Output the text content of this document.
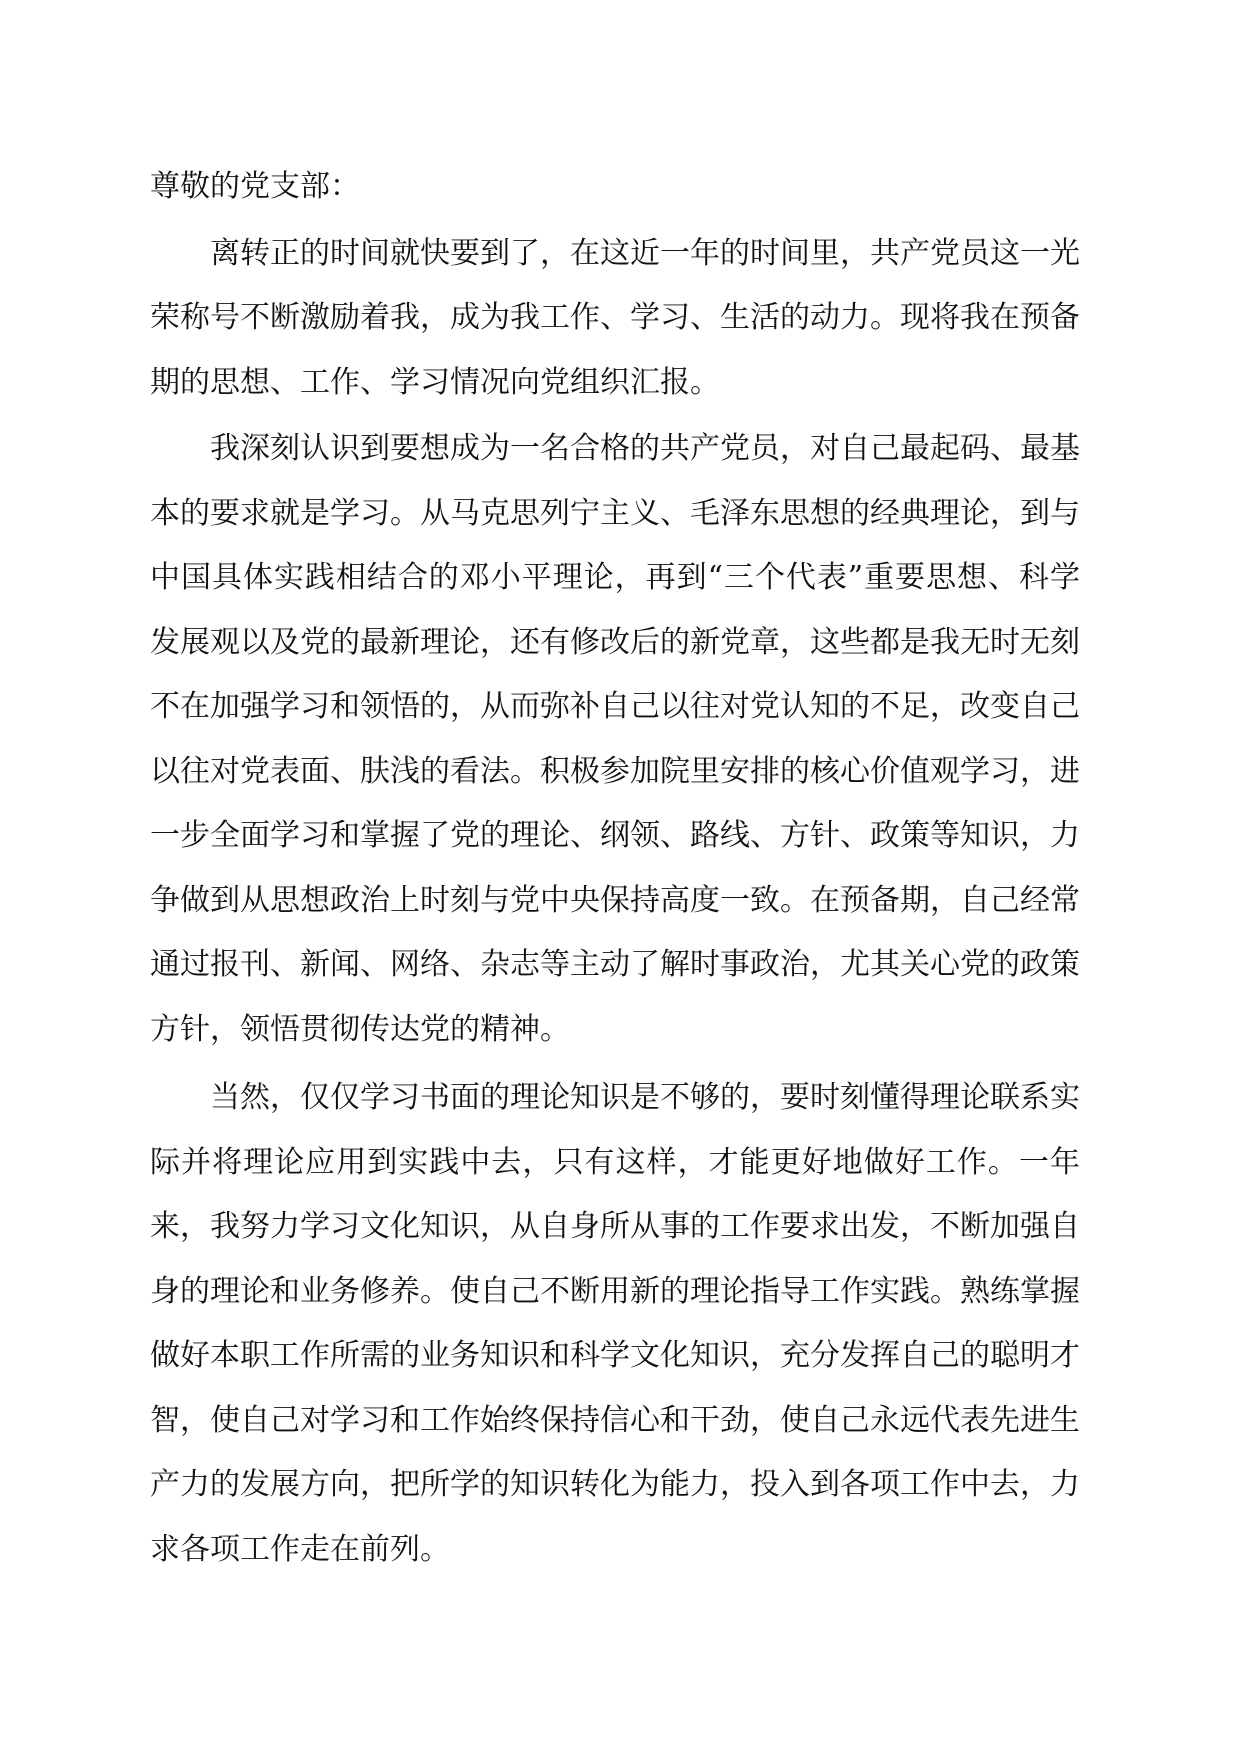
尊敬的党支部：

离转正的时间就快要到了，在这近一年的时间里，共产党员这一光荣称号不断激励着我，成为我工作、学习、生活的动力。现将我在预备期的思想、工作、学习情况向党组织汇报。

我深刻认识到要想成为一名合格的共产党员，对自己最起码、最基本的要求就是学习。从马克思列宁主义、毛泽东思想的经典理论，到与中国具体实践相结合的邓小平理论，再到“三个代表”重要思想、科学发展观以及党的最新理论，还有修改后的新党章，这些都是我无时无刻不在加强学习和领悟的，从而弥补自己以往对党认知的不足，改变自己以往对党表面、肤浅的看法。积极参加院里安排的核心价值观学习，进一步全面学习和掌握了党的理论、纲领、路线、方针、政策等知识，力争做到从思想政治上时刻与党中央保持高度一致。在预备期，自己经常通过报刊、新闻、网络、杂志等主动了解时事政治，尤其关心党的政策方针，领悟贯彻传达党的精神。

当然，仅仅学习书面的理论知识是不够的，要时刻懂得理论联系实际并将理论应用到实践中去，只有这样，才能更好地做好工作。一年来，我努力学习文化知识，从自身所从事的工作要求出发，不断加强自身的理论和业务修养。使自己不断用新的理论指导工作实践。熟练掌握做好本职工作所需的业务知识和科学文化知识，充分发挥自己的聪明才智，使自己对学习和工作始终保持信心和干劲，使自己永远代表先进生产力的发展方向，把所学的知识转化为能力，投入到各项工作中去，力求各项工作走在前列。
